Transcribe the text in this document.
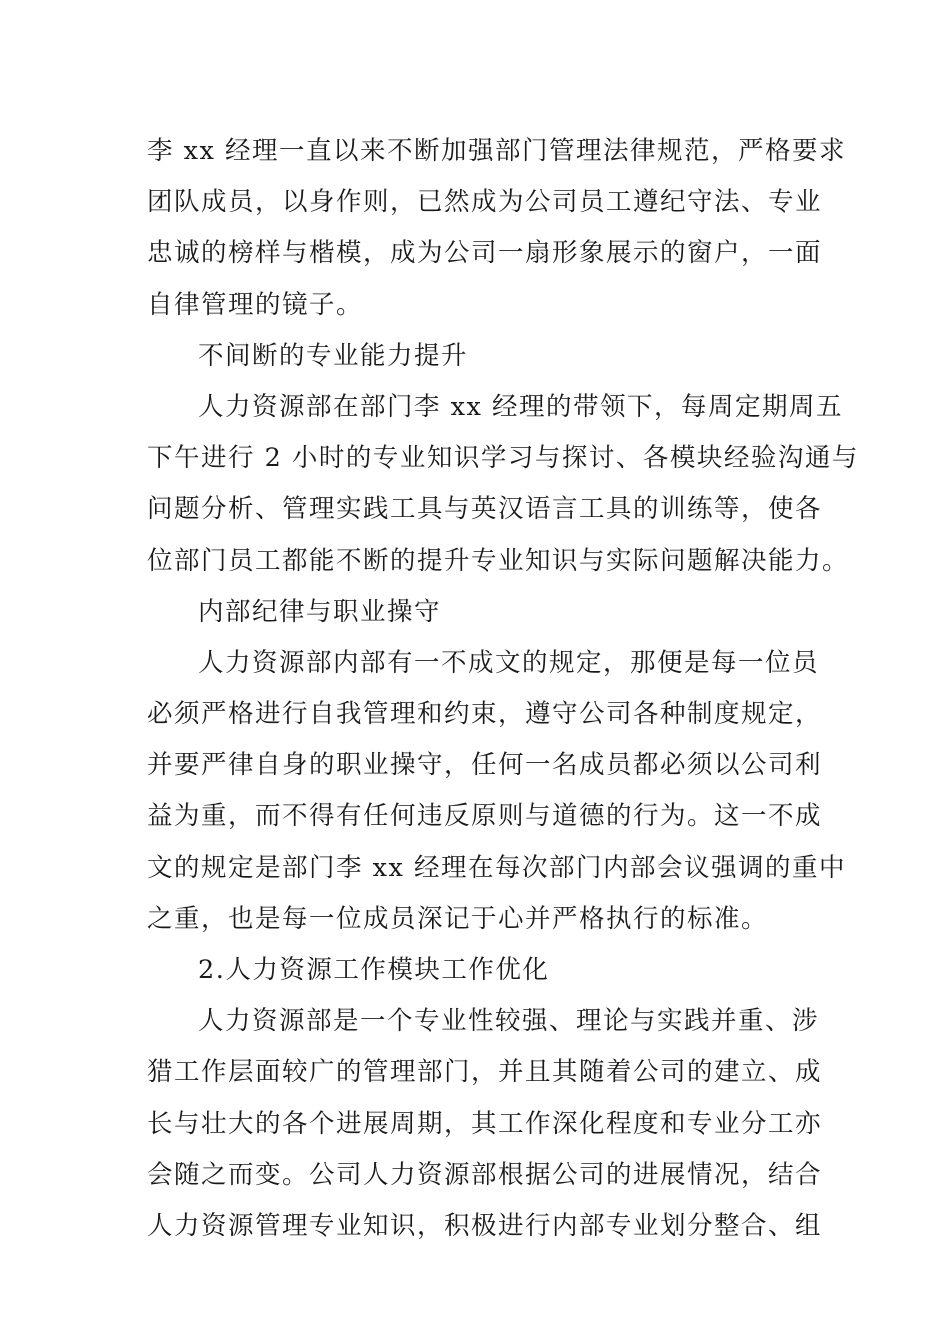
李 xx 经理一直以来不断加强部门管理法律规范，严格要求
团队成员，以身作则，已然成为公司员工遵纪守法、专业
忠诚的榜样与楷模，成为公司一扇形象展示的窗户，一面
自律管理的镜子。
不间断的专业能力提升
人力资源部在部门李 xx 经理的带领下，每周定期周五
下午进行 2 小时的专业知识学习与探讨、各模块经验沟通与
问题分析、管理实践工具与英汉语言工具的训练等，使各
位部门员工都能不断的提升专业知识与实际问题解决能力。
内部纪律与职业操守
人力资源部内部有一不成文的规定，那便是每一位员
必须严格进行自我管理和约束，遵守公司各种制度规定，
并要严律自身的职业操守，任何一名成员都必须以公司利
益为重，而不得有任何违反原则与道德的行为。这一不成
文的规定是部门李 xx 经理在每次部门内部会议强调的重中
之重，也是每一位成员深记于心并严格执行的标准。
2.人力资源工作模块工作优化
人力资源部是一个专业性较强、理论与实践并重、涉
猎工作层面较广的管理部门，并且其随着公司的建立、成
长与壮大的各个进展周期，其工作深化程度和专业分工亦
会随之而变。公司人力资源部根据公司的进展情况，结合
人力资源管理专业知识，积极进行内部专业划分整合、组
